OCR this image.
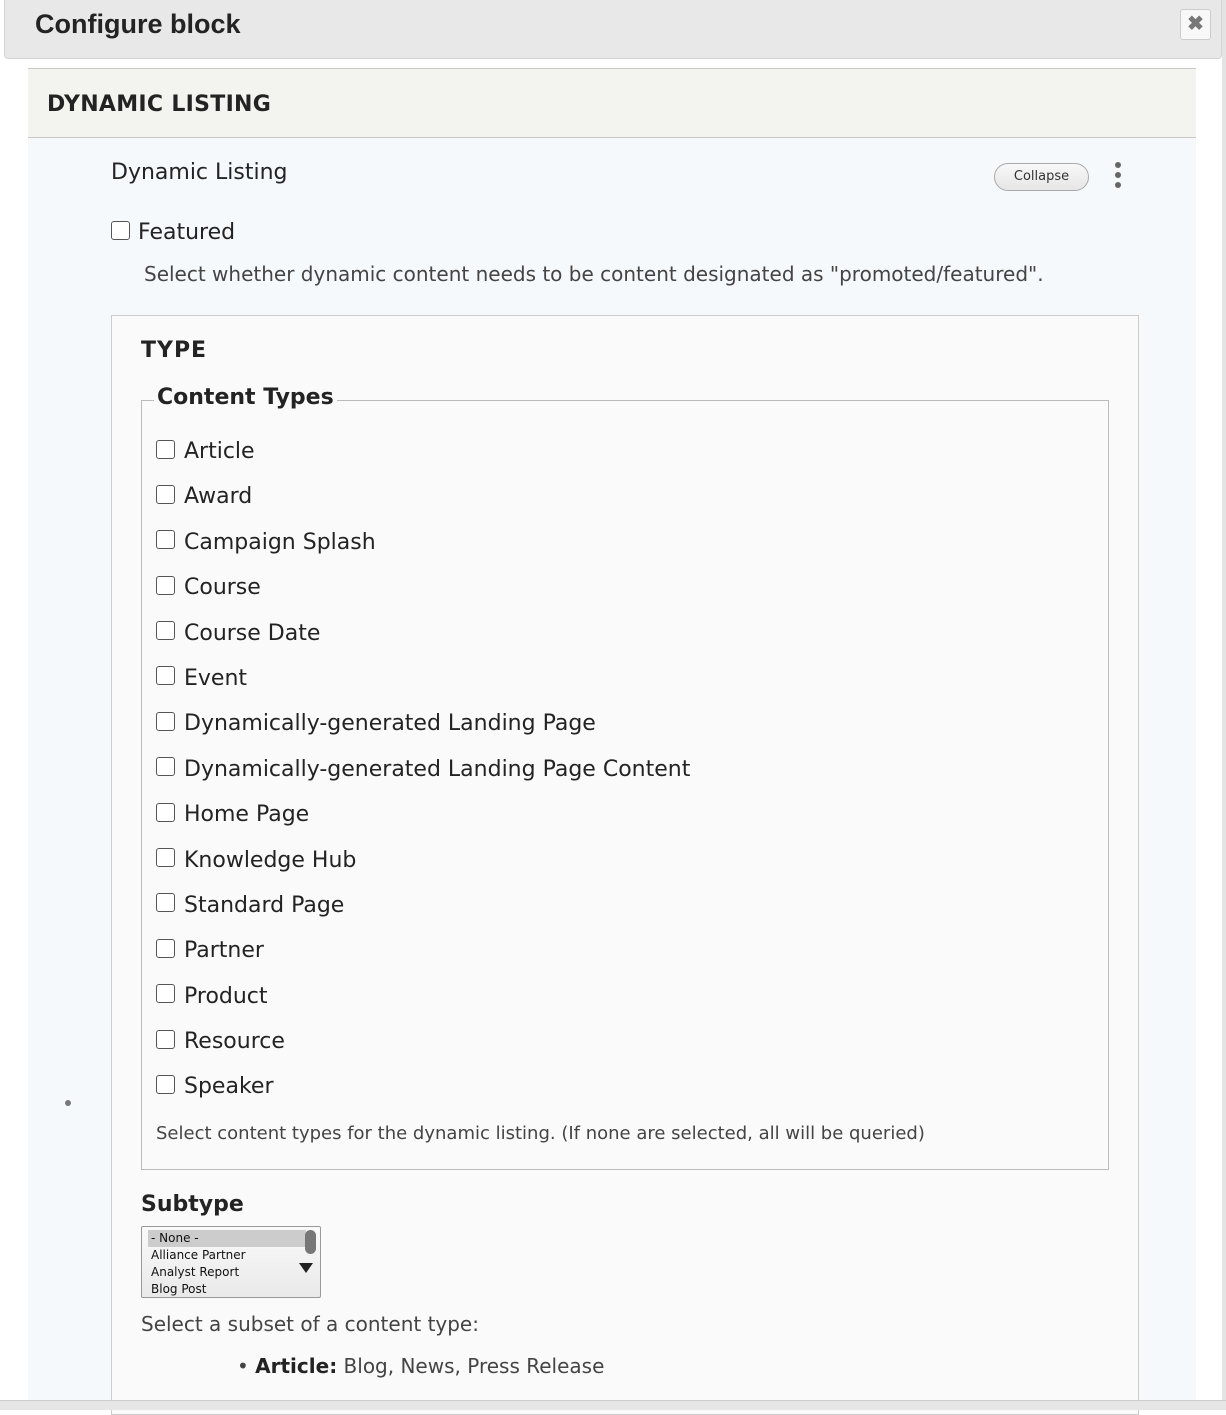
Configure block	✖
DYNAMIC LISTING
Dynamic Listing	Collapse
Featured
Select whether dynamic content needs to be content designated as "promoted/featured".
TYPE
Content Types
Article
Award
Campaign Splash
Course
Course Date
Event
Dynamically-generated Landing Page
Dynamically-generated Landing Page Content
Home Page
Knowledge Hub
Standard Page
Partner
Product
Resource
Speaker
Select content types for the dynamic listing. (If none are selected, all will be queried)
Subtype
- None -
Alliance Partner
Analyst Report
Blog Post
Select a subset of a content type:
• Article: Blog, News, Press Release
